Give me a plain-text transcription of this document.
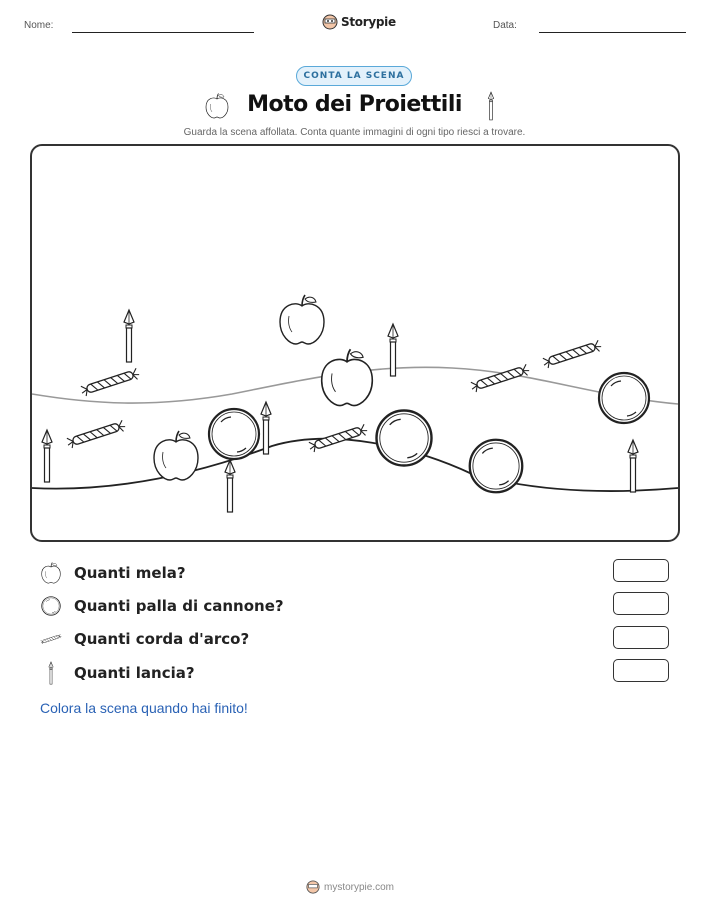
Nome:	Storypie	Data:
CONTA LA SCENA
Moto dei Proiettili
Guarda la scena affollata. Conta quante immagini di ogni tipo riesci a trovare.
Quanti mela?
Quanti palla di cannone?
Quanti corda d'arco?
Quanti lancia?
Colora la scena quando hai finito!
mystorypie.com
